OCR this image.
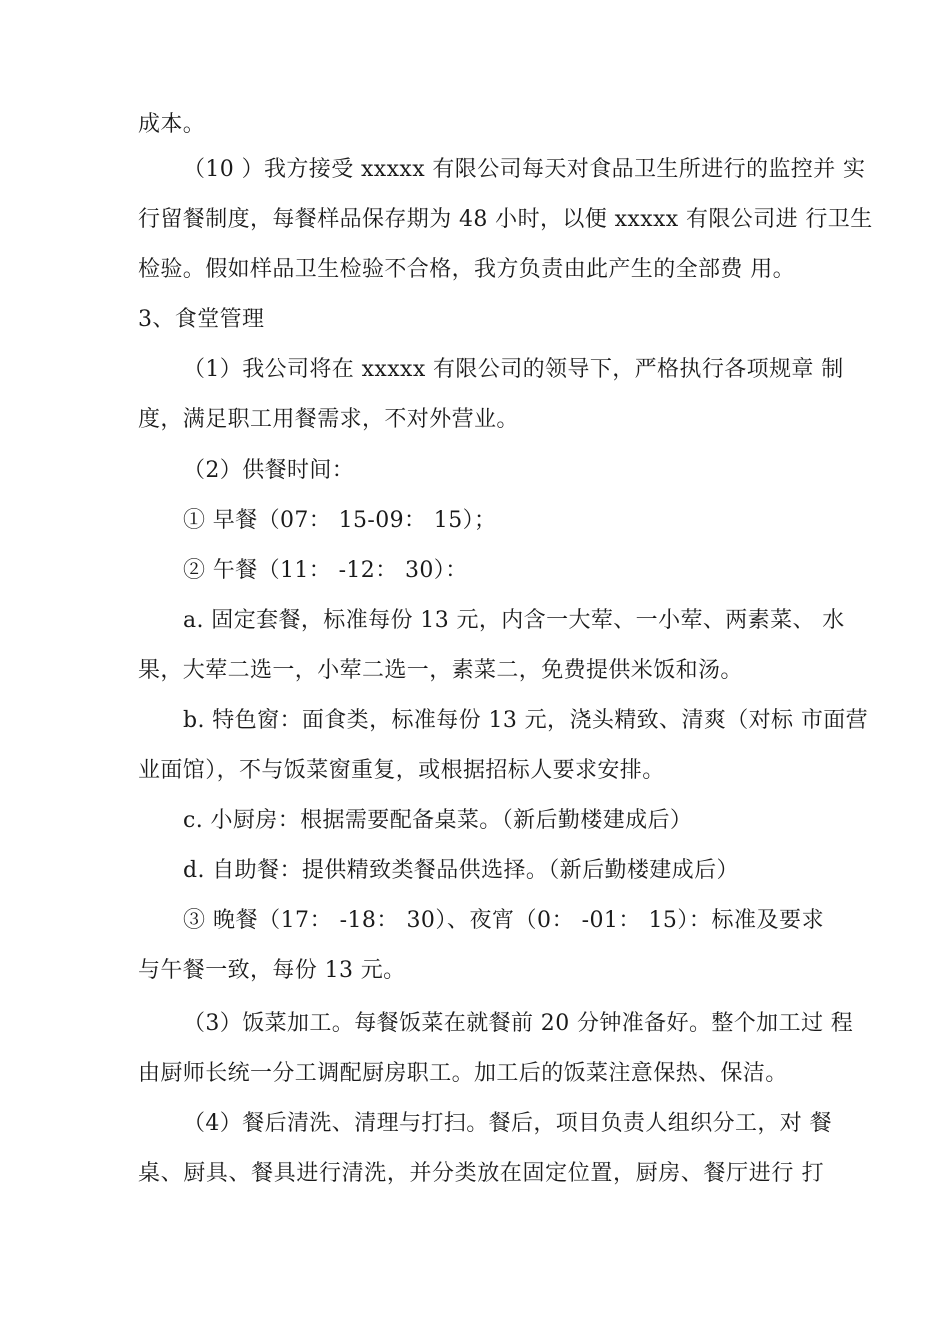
成本。
（10 ）我方接受 xxxxx 有限公司每天对食品卫生所进行的监控并 实
行留餐制度，每餐样品保存期为 48 小时，以便 xxxxx 有限公司进 行卫生
检验。假如样品卫生检验不合格，我方负责由此产生的全部费 用。
3、食堂管理
（1）我公司将在 xxxxx 有限公司的领导下，严格执行各项规章 制
度，满足职工用餐需求，不对外营业。
（2）供餐时间：
① 早餐（07： 15-09： 15）；
② 午餐（11： -12： 30）：
a. 固定套餐，标准每份 13 元，内含一大荤、一小荤、两素菜、 水
果，大荤二选一，小荤二选一，素菜二，免费提供米饭和汤。
b. 特色窗：面食类，标准每份 13 元，浇头精致、清爽（对标 市面营
业面馆），不与饭菜窗重复，或根据招标人要求安排。
c. 小厨房：根据需要配备桌菜。（新后勤楼建成后）
d. 自助餐：提供精致类餐品供选择。（新后勤楼建成后）
③ 晚餐（17： -18： 30）、夜宵（0： -01： 15）：标准及要求
与午餐一致，每份 13 元。
（3）饭菜加工。每餐饭菜在就餐前 20 分钟准备好。整个加工过 程
由厨师长统一分工调配厨房职工。加工后的饭菜注意保热、保洁。
（4）餐后清洗、清理与打扫。餐后，项目负责人组织分工，对 餐
桌、厨具、餐具进行清洗，并分类放在固定位置，厨房、餐厅进行 打
